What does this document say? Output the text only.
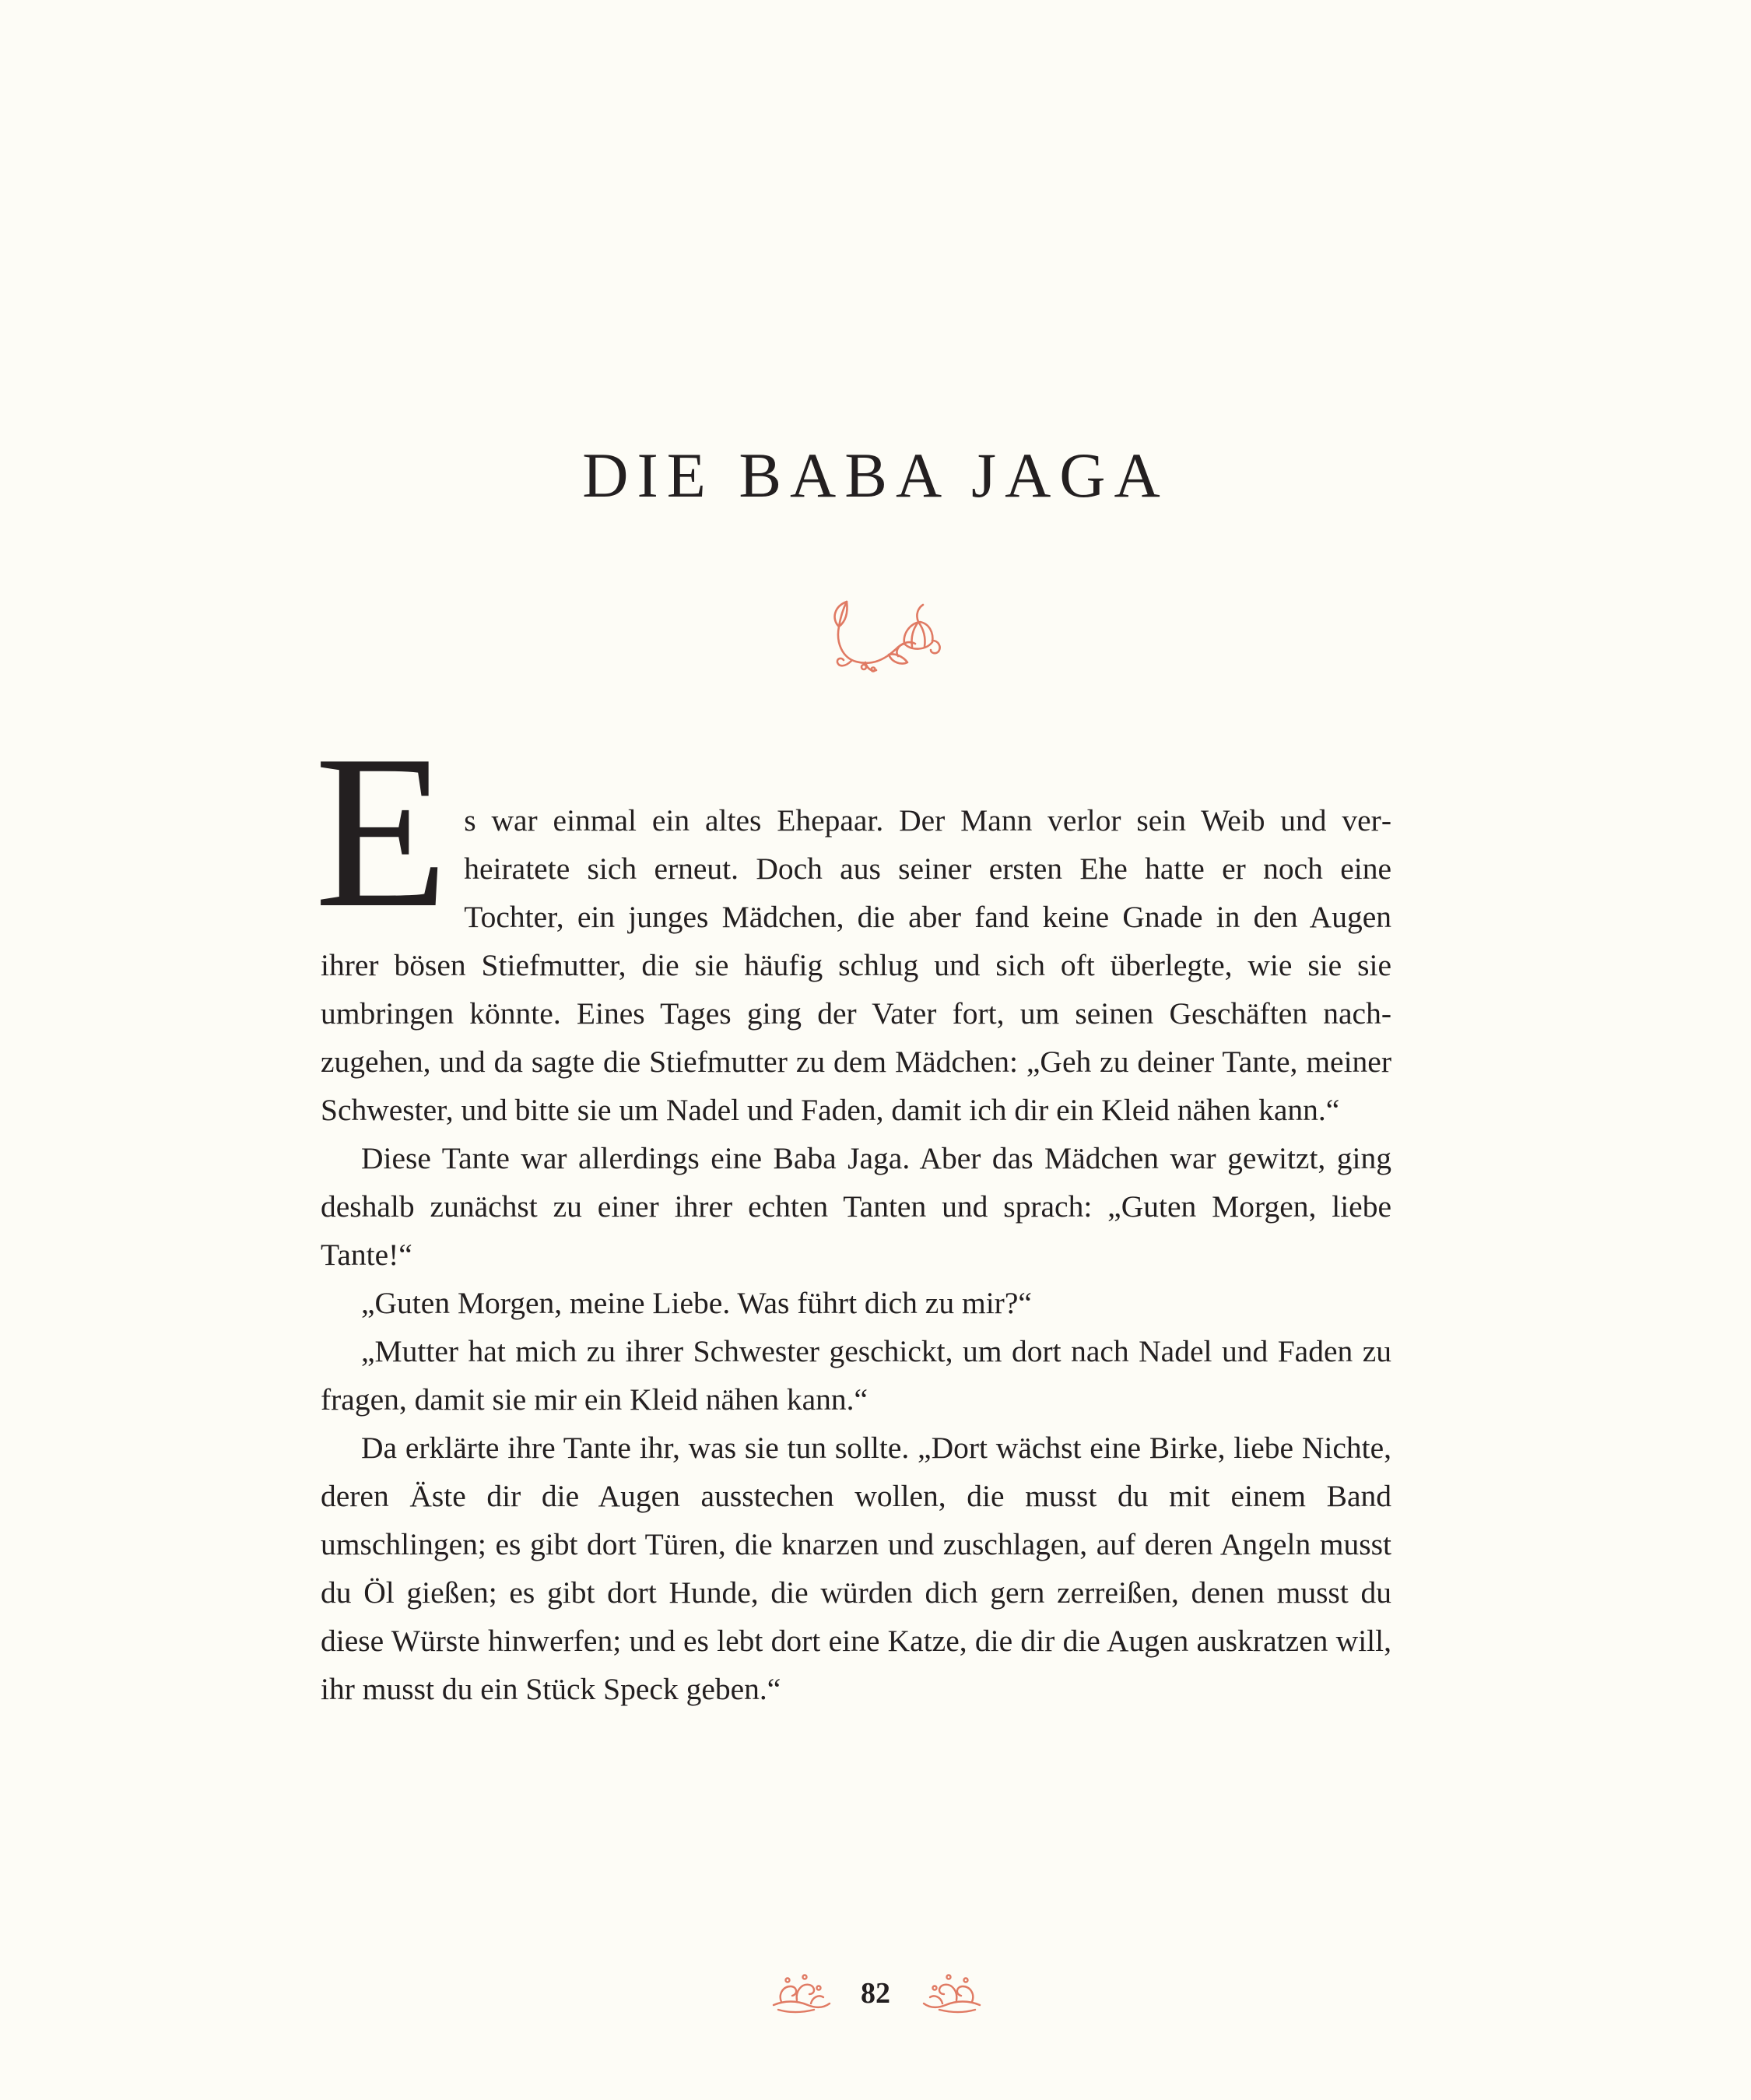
DIE BABA JAGA

Es war einmal ein altes Ehepaar. Der Mann verlor sein Weib und verheiratete sich erneut. Doch aus seiner ersten Ehe hatte er noch eine Tochter, ein junges Mädchen, die aber fand keine Gnade in den Augen ihrer bösen Stiefmutter, die sie häufig schlug und sich oft überlegte, wie sie sie umbringen könnte. Eines Tages ging der Vater fort, um seinen Geschäften nachzugehen, und da sagte die Stiefmutter zu dem Mädchen: „Geh zu deiner Tante, meiner Schwester, und bitte sie um Nadel und Faden, damit ich dir ein Kleid nähen kann.“

Diese Tante war allerdings eine Baba Jaga. Aber das Mädchen war gewitzt, ging deshalb zunächst zu einer ihrer echten Tanten und sprach: „Guten Morgen, liebe Tante!“

„Guten Morgen, meine Liebe. Was führt dich zu mir?“

„Mutter hat mich zu ihrer Schwester geschickt, um dort nach Nadel und Faden zu fragen, damit sie mir ein Kleid nähen kann.“

Da erklärte ihre Tante ihr, was sie tun sollte. „Dort wächst eine Birke, liebe Nichte, deren Äste dir die Augen ausstechen wollen, die musst du mit einem Band umschlingen; es gibt dort Türen, die knarzen und zuschlagen, auf deren Angeln musst du Öl gießen; es gibt dort Hunde, die würden dich gern zerreißen, denen musst du diese Würste hinwerfen; und es lebt dort eine Katze, die dir die Augen auskratzen will, ihr musst du ein Stück Speck geben.“

82
